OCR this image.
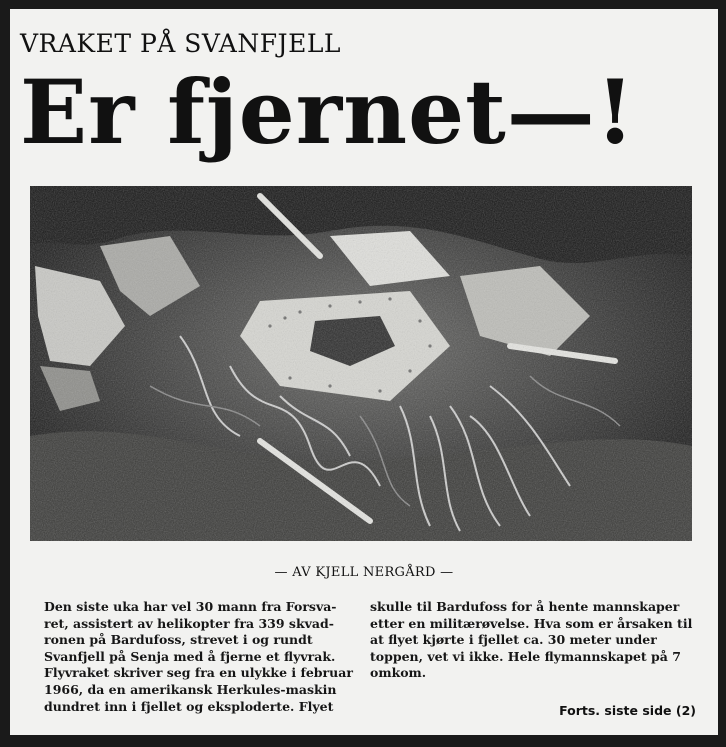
VRAKET PÅ SVANFJELL
Er fjernet—!
— AV KJELL NERGÅRD —
Den siste uka har vel 30 mann fra Forsva-
ret, assistert av helikopter fra 339 skvad-
ronen på Bardufoss, strevet i og rundt
Svanfjell på Senja med å fjerne et flyvrak.
Flyvraket skriver seg fra en ulykke i februar
1966, da en amerikansk Herkules-maskin
dundret inn i fjellet og eksploderte. Flyet
skulle til Bardufoss for å hente mannskaper
etter en militærøvelse. Hva som er årsaken til
at flyet kjørte i fjellet ca. 30 meter under
toppen, vet vi ikke. Hele flymannskapet på 7
omkom.
Forts. siste side (2)
